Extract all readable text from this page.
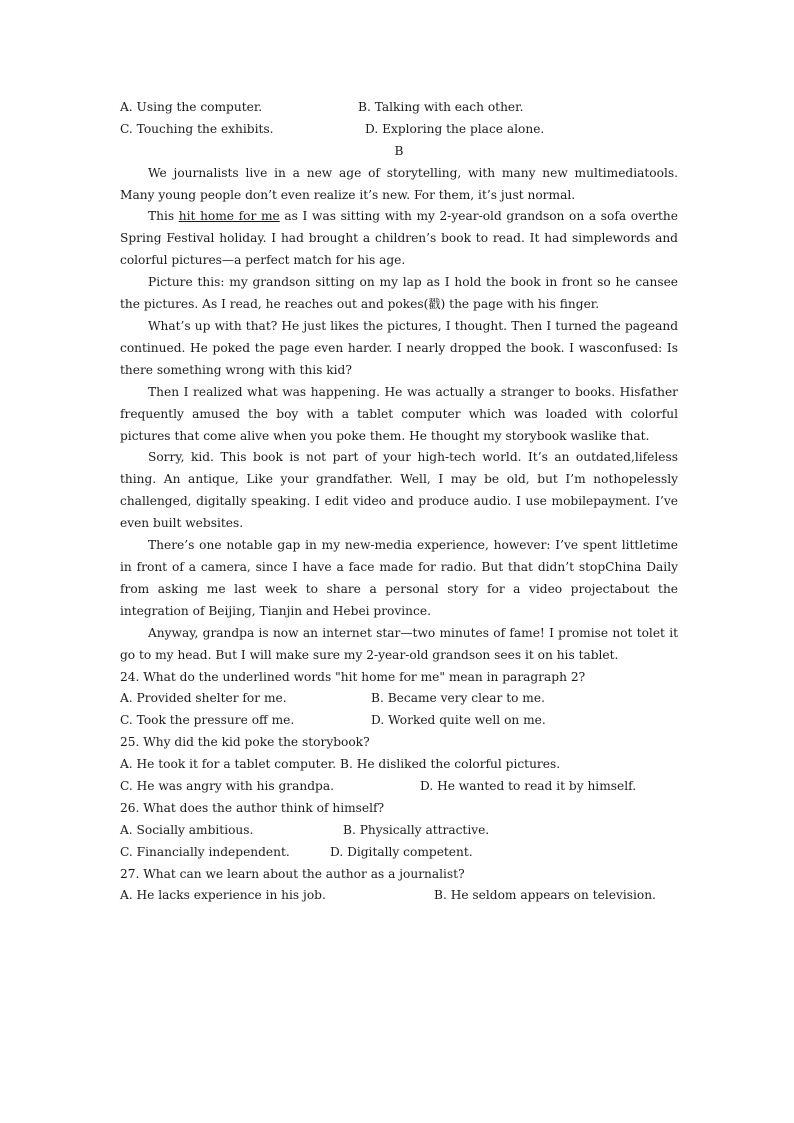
A. Using the computer.	B. Talking with each other.
C. Touching the exhibits.	D. Exploring the place alone.
B

We journalists live in a new age of storytelling, with many new multimediatools. Many young people don’t even realize it’s new. For them, it’s just normal.

This hit home for me as I was sitting with my 2-year-old grandson on a sofa overthe Spring Festival holiday. I had brought a children’s book to read. It had simplewords and colorful pictures—a perfect match for his age.

Picture this: my grandson sitting on my lap as I hold the book in front so he cansee the pictures. As I read, he reaches out and pokes(戳) the page with his finger.

What’s up with that? He just likes the pictures, I thought. Then I turned the pageand continued. He poked the page even harder. I nearly dropped the book. I wasconfused: Is there something wrong with this kid?

Then I realized what was happening. He was actually a stranger to books. Hisfather frequently amused the boy with a tablet computer which was loaded with colorful pictures that come alive when you poke them. He thought my storybook waslike that.

Sorry, kid. This book is not part of your high-tech world. It’s an outdated,lifeless thing. An antique, Like your grandfather. Well, I may be old, but I’m nothopelessly challenged, digitally speaking. I edit video and produce audio. I use mobilepayment. I’ve even built websites.

There’s one notable gap in my new-media experience, however: I’ve spent littletime in front of a camera, since I have a face made for radio. But that didn’t stopChina Daily from asking me last week to share a personal story for a video projectabout the integration of Beijing, Tianjin and Hebei province.

Anyway, grandpa is now an internet star—two minutes of fame! I promise not tolet it go to my head. But I will make sure my 2-year-old grandson sees it on his tablet.

24. What do the underlined words "hit home for me" mean in paragraph 2?
A. Provided shelter for me.	B. Became very clear to me.
C. Took the pressure off me.	D. Worked quite well on me.
25. Why did the kid poke the storybook?
A. He took it for a tablet computer. B. He disliked the colorful pictures.
C. He was angry with his grandpa.	D. He wanted to read it by himself.
26. What does the author think of himself?
A. Socially ambitious.	B. Physically attractive.
C. Financially independent.	D. Digitally competent.
27. What can we learn about the author as a journalist?
A. He lacks experience in his job.	B. He seldom appears on television.
